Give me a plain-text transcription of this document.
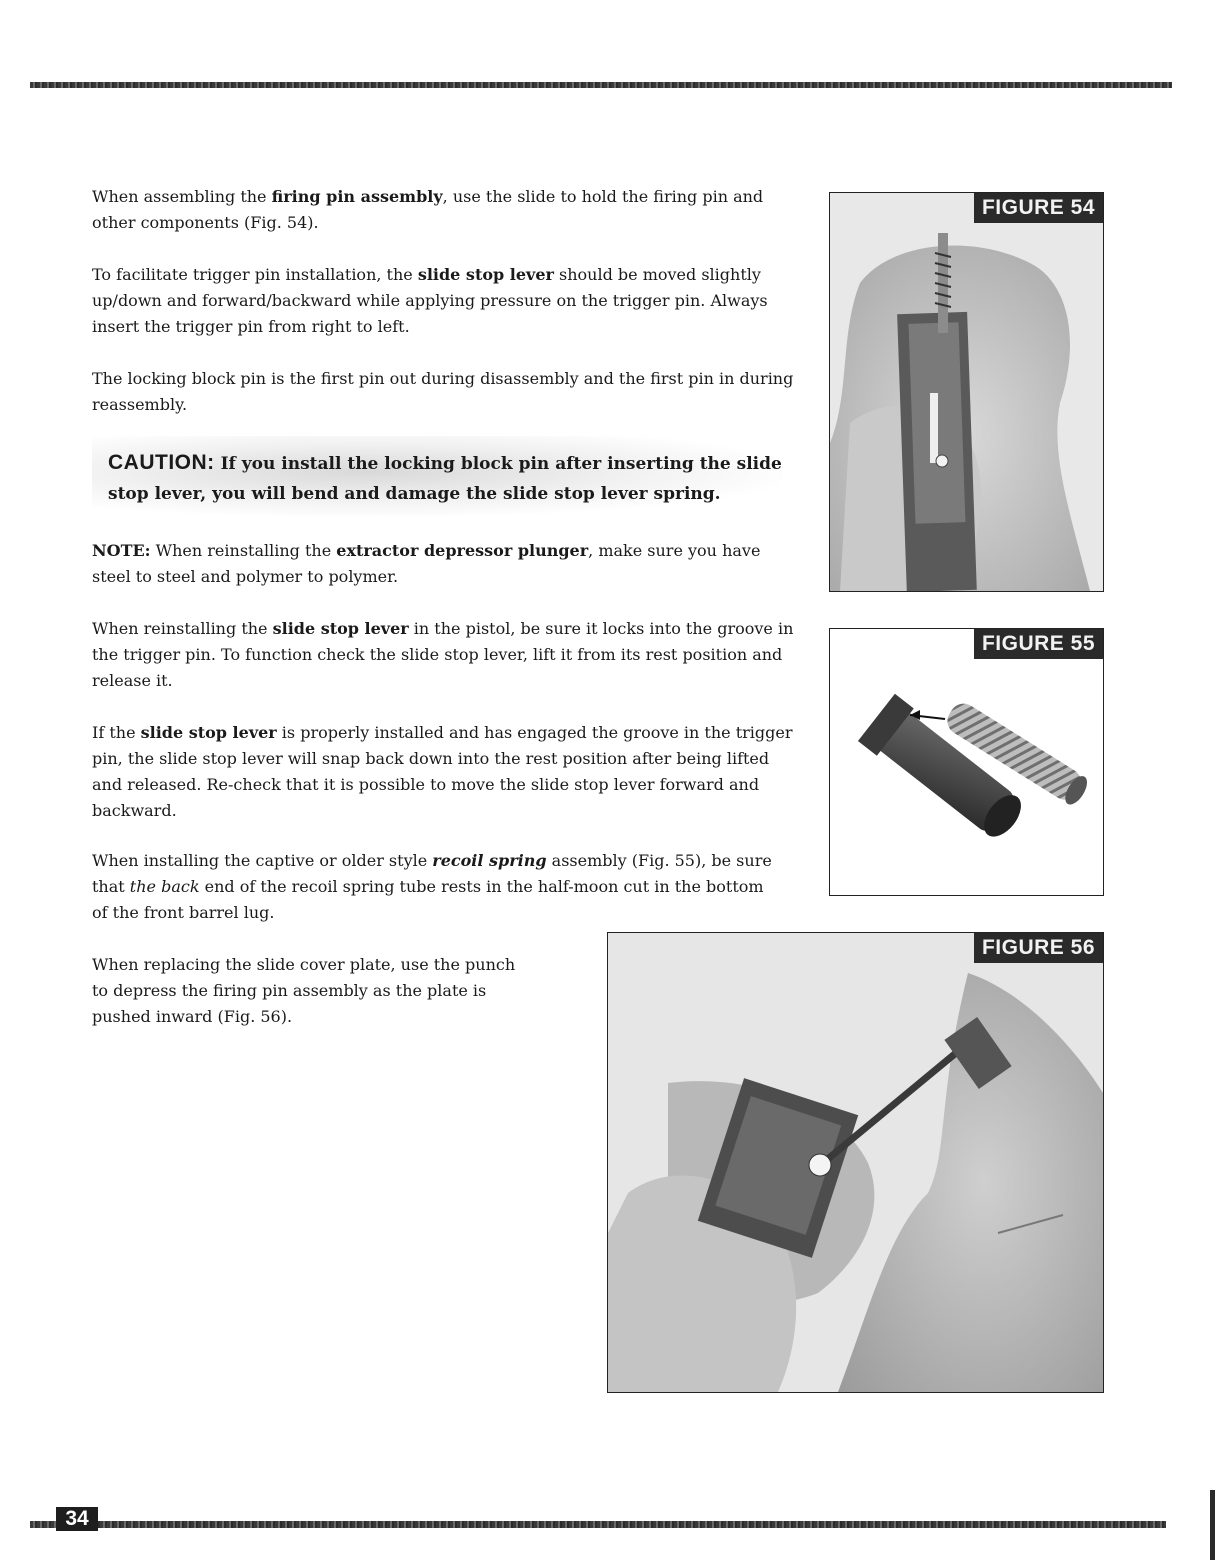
When assembling the firing pin assembly, use the slide to hold the firing pin and other components (Fig. 54).

To facilitate trigger pin installation, the slide stop lever should be moved slightly up/down and forward/backward while applying pressure on the trigger pin. Always insert the trigger pin from right to left.

The locking block pin is the first pin out during disassembly and the first pin in during reassembly.

CAUTION: If you install the locking block pin after inserting the slide stop lever, you will bend and damage the slide stop lever spring.

NOTE: When reinstalling the extractor depressor plunger, make sure you have steel to steel and polymer to polymer.

When reinstalling the slide stop lever in the pistol, be sure it locks into the groove in the trigger pin. To function check the slide stop lever, lift it from its rest position and release it.

If the slide stop lever is properly installed and has engaged the groove in the trigger pin, the slide stop lever will snap back down into the rest position after being lifted and released. Re-check that it is possible to move the slide stop lever forward and backward.

When installing the captive or older style recoil spring assembly (Fig. 55), be sure that the back end of the recoil spring tube rests in the half-moon cut in the bottom of the front barrel lug.

When replacing the slide cover plate, use the punch to depress the firing pin assembly as the plate is pushed inward (Fig. 56).

FIGURE 54
FIGURE 55
FIGURE 56
34
